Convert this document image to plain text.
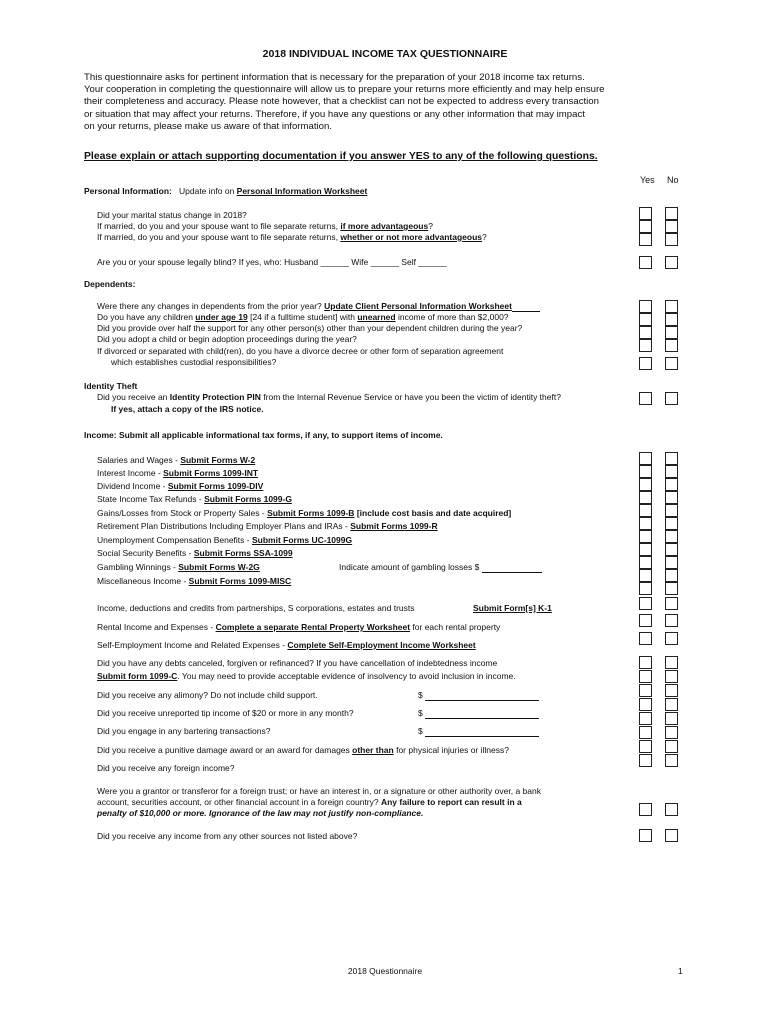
2018 INDIVIDUAL INCOME TAX QUESTIONNAIRE
This questionnaire asks for pertinent information that is necessary for the preparation of your 2018 income tax returns.
Your cooperation in completing the questionnaire will allow us to prepare your returns more efficiently and may help ensure
their completeness and accuracy. Please note however, that a checklist can not be expected to address every transaction
or situation that may affect your returns. Therefore, if you have any questions or any other information that may impact
on your returns, please make us aware of that information.
Please explain or attach supporting documentation if you answer YES to any of the following questions.
Yes No
Personal Information: Update info on Personal Information Worksheet
Did your marital status change in 2018?
If married, do you and your spouse want to file separate returns, if more advantageous?
If married, do you and your spouse want to file separate returns, whether or not more advantageous?
Are you or your spouse legally blind? If yes, who: Husband ______ Wife ______ Self ______
Dependents:
Were there any changes in dependents from the prior year? Update Client Personal Information Worksheet
Do you have any children under age 19 [24 if a fulltime student] with unearned income of more than $2,000?
Did you provide over half the support for any other person(s) other than your dependent children during the year?
Did you adopt a child or begin adoption proceedings during the year?
If divorced or separated with child(ren), do you have a divorce decree or other form of separation agreement
which establishes custodial responsibilities?
Identity Theft
Did you receive an Identity Protection PIN from the Internal Revenue Service or have you been the victim of identity theft?
If yes, attach a copy of the IRS notice.
Income: Submit all applicable informational tax forms, if any, to support items of income.
Salaries and Wages - Submit Forms W-2
Interest Income - Submit Forms 1099-INT
Dividend Income - Submit Forms 1099-DIV
State Income Tax Refunds - Submit Forms 1099-G
Gains/Losses from Stock or Property Sales - Submit Forms 1099-B [include cost basis and date acquired]
Retirement Plan Distributions Including Employer Plans and IRAs - Submit Forms 1099-R
Unemployment Compensation Benefits - Submit Forms UC-1099G
Social Security Benefits - Submit Forms SSA-1099
Gambling Winnings - Submit Forms W-2G	Indicate amount of gambling losses $
Miscellaneous Income - Submit Forms 1099-MISC
Income, deductions and credits from partnerships, S corporations, estates and trusts	Submit Form[s] K-1
Rental Income and Expenses - Complete a separate Rental Property Worksheet for each rental property
Self-Employment Income and Related Expenses - Complete Self-Employment Income Worksheet
Did you have any debts canceled, forgiven or refinanced? If you have cancellation of indebtedness income
Submit form 1099-C. You may need to provide acceptable evidence of insolvency to avoid inclusion in income.
Did you receive any alimony? Do not include child support.	$
Did you receive unreported tip income of $20 or more in any month?	$
Did you engage in any bartering transactions?	$
Did you receive a punitive damage award or an award for damages other than for physical injuries or illness?
Did you receive any foreign income?
Were you a grantor or transferor for a foreign trust; or have an interest in, or a signature or other authority over, a bank
account, securities account, or other financial account in a foreign country? Any failure to report can result in a
penalty of $10,000 or more. Ignorance of the law may not justify non-compliance.
Did you receive any income from any other sources not listed above?
2018 Questionnaire	1
